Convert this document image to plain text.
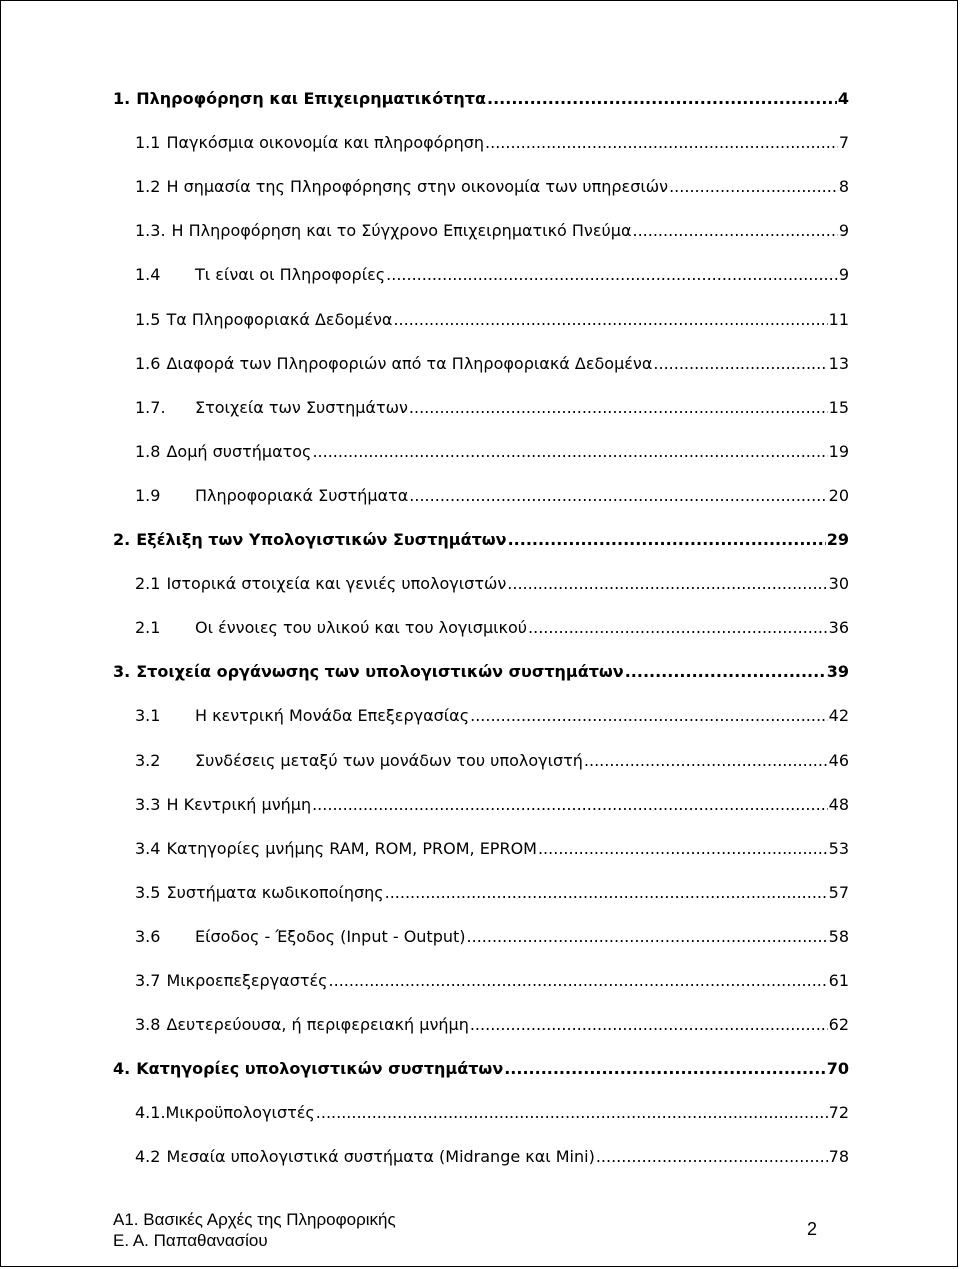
1. Πληροφόρηση και Επιχειρηματικότητα .....	4
1.1 Παγκόσμια οικονομία και πληροφόρηση .....	7
1.2 Η σημασία της Πληροφόρησης στην οικονομία των υπηρεσιών .....	8
1.3. Η Πληροφόρηση και το Σύγχρονο Επιχειρηματικό Πνεύμα .....	9
1.4	Τι είναι οι Πληροφορίες .....	9
1.5 Τα Πληροφοριακά Δεδομένα .....	11
1.6 Διαφορά των Πληροφοριών από τα Πληροφοριακά Δεδομένα .....	13
1.7.	Στοιχεία των Συστημάτων .....	15
1.8 Δομή συστήματος .....	19
1.9	Πληροφοριακά Συστήματα .....	20
2. Εξέλιξη των Υπολογιστικών Συστημάτων .....	29
2.1 Ιστορικά στοιχεία και γενιές υπολογιστών .....	30
2.1	Οι έννοιες του υλικού και του λογισμικού .....	36
3. Στοιχεία οργάνωσης των υπολογιστικών συστημάτων .....	39
3.1	Η κεντρική Μονάδα Επεξεργασίας .....	42
3.2	Συνδέσεις μεταξύ των μονάδων του υπολογιστή .....	46
3.3 Η Κεντρική μνήμη .....	48
3.4 Κατηγορίες μνήμης RAM, ROM, PROM, EPROM .....	53
3.5 Συστήματα κωδικοποίησης .....	57
3.6	Είσοδος - Έξοδος (Input - Output) .....	58
3.7 Μικροεπεξεργαστές .....	61
3.8 Δευτερεύουσα, ή περιφερειακή μνήμη .....	62
4. Κατηγορίες υπολογιστικών συστημάτων .....	70
4.1. Μικροϋπολογιστές .....	72
4.2 Μεσαία υπολογιστικά συστήματα (Midrange και Mini) .....	78
Α1. Βασικές Αρχές της Πληροφορικής
Ε. Α. Παπαθανασίου
2
